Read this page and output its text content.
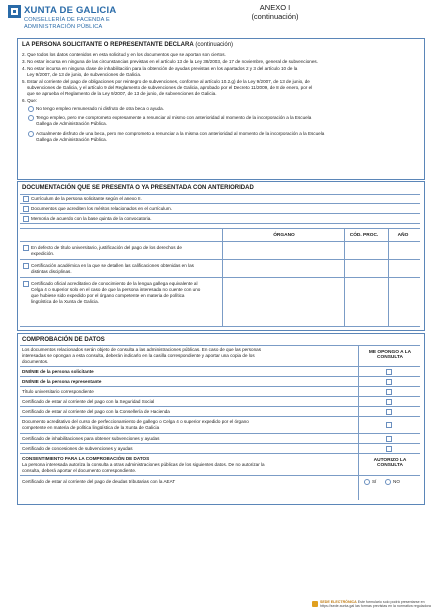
XUNTA DE GALICIA
CONSELLERÍA DE FACENDA E
ADMINISTRACIÓN PÚBLICA
ANEXO I
(continuación)
LA PERSONA SOLICITANTE O REPRESENTANTE DECLARA (continuación)
2. Que todos los datos contenidos en esta solicitud y en los documentos que se aportan son ciertos.
3. No estar incursa en ninguna de las circunstancias previstas en el artículo 13 de la Ley 38/2003, de 17 de noviembre, general de subvenciones.
4. No estar incursa en ninguna clase de inhabilitación para la obtención de ayudas previstas en los apartados 2 y 3 del artículo 10 de la
Ley 9/2007, de 13 de junio, de subvenciones de Galicia.
5. Estar al corriente del pago de obligaciones por reintegro de subvenciones, conforme al artículo 10.2.g) de la Ley 9/2007, de 13 de junio, de
subvenciones de Galicia, y el artículo 9 del Reglamento de subvenciones de Galicia, aprobado por el Decreto 11/2009, de 8 de enero, por el
que se aprueba el Reglamento de la Ley 9/2007, de 13 de junio, de subvenciones de Galicia.
6. Que:
No tengo empleo remunerado ni disfruto de otra beca o ayuda.
Tengo empleo, pero me comprometo expresamente a renunciar al mismo con anterioridad al momento de la incorporación a la Escuela
Gallega de Administración Pública.
Actualmente disfruto de una beca, pero me comprometo a renunciar a la misma con anterioridad al momento de la incorporación a la Escuela
Gallega de Administración Pública.
DOCUMENTACIÓN QUE SE PRESENTA O YA PRESENTADA CON ANTERIORIDAD
Currículum de la persona solicitante según el anexo II.
Documentos que acrediten los méritos relacionados en el currículum.
Memoria de acuerdo con la base quinta de la convocatoria.
ÓRGANO	CÓD. PROC.	AÑO
En defecto de título universitario, justificación del pago de los derechos de
expedición.
Certificación académica en la que se detallen las calificaciones obtenidas en las
distintas disciplinas.
Certificado oficial acreditativo de conocimiento de la lengua gallega equivalente al
Celga 4 o superior solo en el caso de que la persona interesada no cuente con uno
que hubiese sido expedido por el órgano competente en materia de política
lingüística de la Xunta de Galicia.
COMPROBACIÓN DE DATOS
Los documentos relacionados serán objeto de consulta a las administraciones públicas. En caso de que las personas
interesadas se opongan a esta consulta, deberán indicarlo en la casilla correspondiente y aportar una copia de los
documentos.
ME OPONGO A LA
CONSULTA
DNI/NIE de la persona solicitante
DNI/NIE de la persona representante
Título universitario correspondiente
Certificado de estar al corriente del pago con la Seguridad Social
Certificado de estar al corriente del pago con la Consellería de Hacienda
Documento acreditativo del curso de perfeccionamiento de gallego o Celga 4 o superior expedido por el órgano
competente en materia de política lingüística de la Xunta de Galicia
Certificado de inhabilitaciones para obtener subvenciones y ayudas
Certificado de concesiones de subvenciones y ayudas
CONSENTIMIENTO PARA LA COMPROBACIÓN DE DATOS
La persona interesada autoriza la consulta a otras administraciones públicas de los siguientes datos. De no autorizar la
consulta, deberá aportar el documento correspondiente.
AUTORIZO LA
CONSULTA
Certificado de estar al corriente del pago de deudas tributarias con la AEAT	SÍ	NO
SEDE ELECTRÓNICA Este formulario solo podrá presentarse en
https://sede.xunta.gal las formas previstas en la normativa reguladora
